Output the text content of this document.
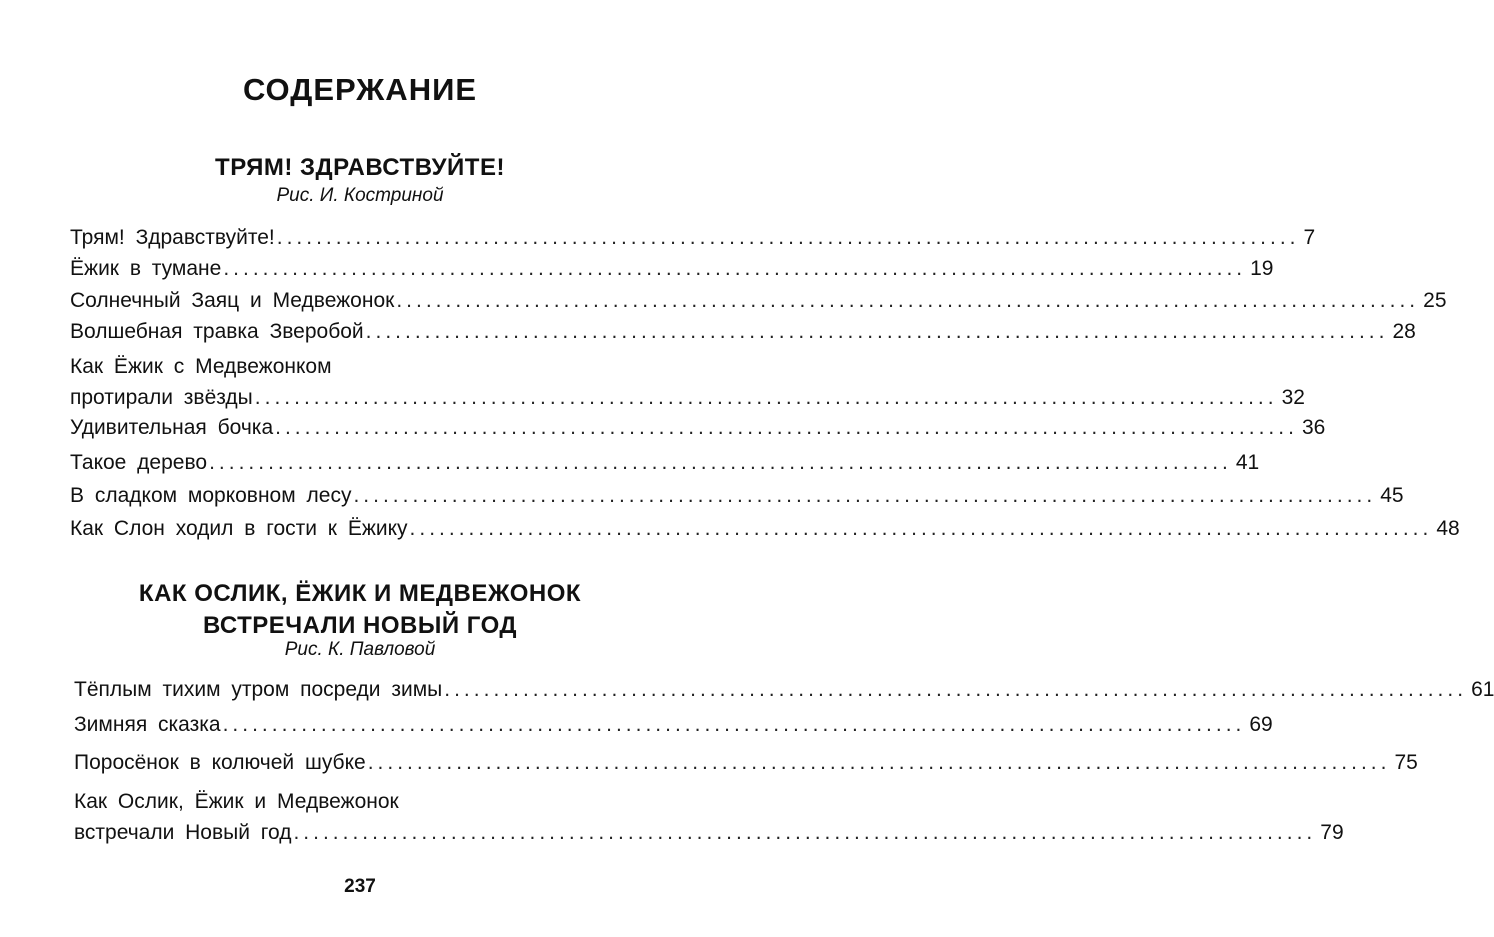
СОДЕРЖАНИЕ
ТРЯМ! ЗДРАВСТВУЙТЕ!
Рис. И. Костриной
Трям! Здравствуйте! ........................................................................................................ 7
Ёжик в тумане ........................................................................................................ 19
Солнечный Заяц и Медвежонок ........................................................................................................ 25
Волшебная травка Зверобой ........................................................................................................ 28
Как Ёжик с Медвежонком
протирали звёзды ........................................................................................................ 32
Удивительная бочка ........................................................................................................ 36
Такое дерево ........................................................................................................ 41
В сладком морковном лесу ........................................................................................................ 45
Как Слон ходил в гости к Ёжику ........................................................................................................ 48
КАК ОСЛИК, ЁЖИК И МЕДВЕЖОНОК
ВСТРЕЧАЛИ НОВЫЙ ГОД
Рис. К. Павловой
Тёплым тихим утром посреди зимы ........................................................................................................ 61
Зимняя сказка ........................................................................................................ 69
Поросёнок в колючей шубке ........................................................................................................ 75
Как Ослик, Ёжик и Медвежонок
встречали Новый год ........................................................................................................ 79
237
